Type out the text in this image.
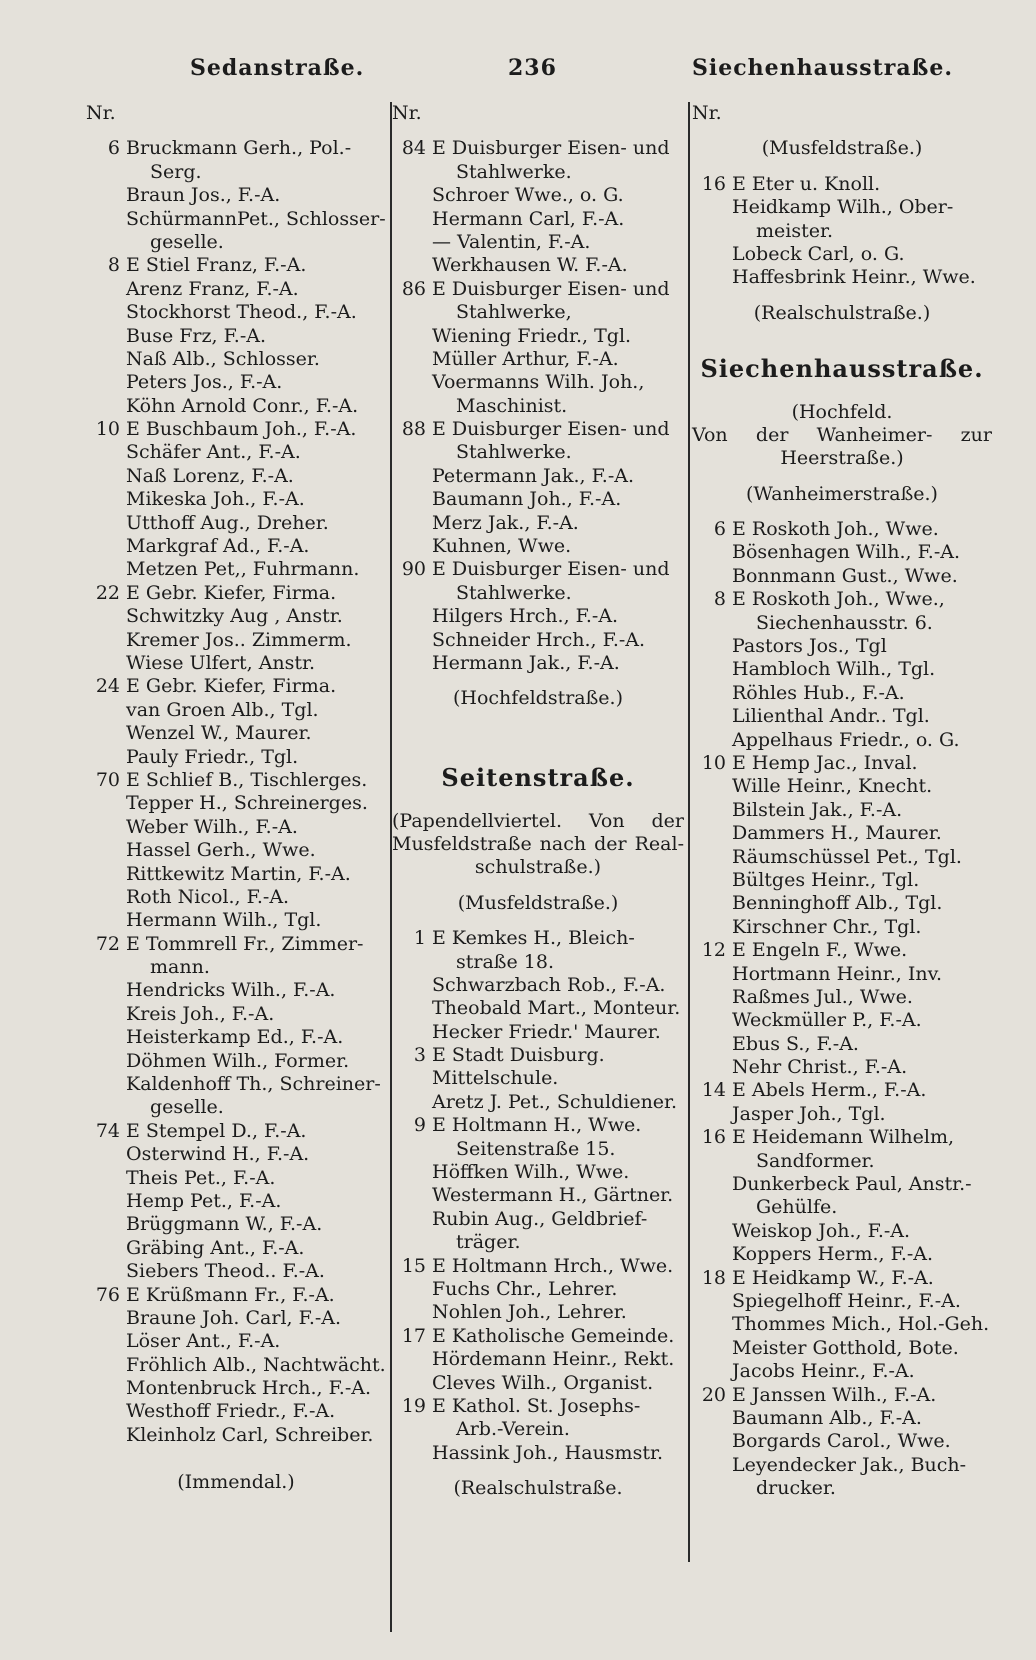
Sedanstraße.	236	Siechenhausstraße.
Nr.
6 Bruckmann Gerh., Pol.-
Serg.
Braun Jos., F.-A.
SchürmannPet., Schlosser-
geselle.
8 E Stiel Franz, F.-A.
Arenz Franz, F.-A.
Stockhorst Theod., F.-A.
Buse Frz, F.-A.
Naß Alb., Schlosser.
Peters Jos., F.-A.
Köhn Arnold Conr., F.-A.
10 E Buschbaum Joh., F.-A.
Schäfer Ant., F.-A.
Naß Lorenz, F.-A.
Mikeska Joh., F.-A.
Utthoff Aug., Dreher.
Markgraf Ad., F.-A.
Metzen Pet,, Fuhrmann.
22 E Gebr. Kiefer, Firma.
Schwitzky Aug , Anstr.
Kremer Jos.. Zimmerm.
Wiese Ulfert, Anstr.
24 E Gebr. Kiefer, Firma.
van Groen Alb., Tgl.
Wenzel W., Maurer.
Pauly Friedr., Tgl.
70 E Schlief B., Tischlerges.
Tepper H., Schreinerges.
Weber Wilh., F.-A.
Hassel Gerh., Wwe.
Rittkewitz Martin, F.-A.
Roth Nicol., F.-A.
Hermann Wilh., Tgl.
72 E Tommrell Fr., Zimmer-
mann.
Hendricks Wilh., F.-A.
Kreis Joh., F.-A.
Heisterkamp Ed., F.-A.
Döhmen Wilh., Former.
Kaldenhoff Th., Schreiner-
geselle.
74 E Stempel D., F.-A.
Osterwind H., F.-A.
Theis Pet., F.-A.
Hemp Pet., F.-A.
Brüggmann W., F.-A.
Gräbing Ant., F.-A.
Siebers Theod.. F.-A.
76 E Krüßmann Fr., F.-A.
Braune Joh. Carl, F.-A.
Löser Ant., F.-A.
Fröhlich Alb., Nachtwächt.
Montenbruck Hrch., F.-A.
Westhoff Friedr., F.-A.
Kleinholz Carl, Schreiber.
(Immendal.)
Nr.
84 E Duisburger Eisen- und
Stahlwerke.
Schroer Wwe., o. G.
Hermann Carl, F.-A.
— Valentin, F.-A.
Werkhausen W. F.-A.
86 E Duisburger Eisen- und
Stahlwerke,
Wiening Friedr., Tgl.
Müller Arthur, F.-A.
Voermanns Wilh. Joh.,
Maschinist.
88 E Duisburger Eisen- und
Stahlwerke.
Petermann Jak., F.-A.
Baumann Joh., F.-A.
Merz Jak., F.-A.
Kuhnen, Wwe.
90 E Duisburger Eisen- und
Stahlwerke.
Hilgers Hrch., F.-A.
Schneider Hrch., F.-A.
Hermann Jak., F.-A.
(Hochfeldstraße.)
Seitenstraße.
(Papendellviertel. Von der
Musfeldstraße nach der Real-
schulstraße.)
(Musfeldstraße.)
1 E Kemkes H., Bleich-
straße 18.
Schwarzbach Rob., F.-A.
Theobald Mart., Monteur.
Hecker Friedr.' Maurer.
3 E Stadt Duisburg.
Mittelschule.
Aretz J. Pet., Schuldiener.
9 E Holtmann H., Wwe.
Seitenstraße 15.
Höffken Wilh., Wwe.
Westermann H., Gärtner.
Rubin Aug., Geldbrief-
träger.
15 E Holtmann Hrch., Wwe.
Fuchs Chr., Lehrer.
Nohlen Joh., Lehrer.
17 E Katholische Gemeinde.
Hördemann Heinr., Rekt.
Cleves Wilh., Organist.
19 E Kathol. St. Josephs-
Arb.-Verein.
Hassink Joh., Hausmstr.
(Realschulstraße.
Nr.
(Musfeldstraße.)
16 E Eter u. Knoll.
Heidkamp Wilh., Ober-
meister.
Lobeck Carl, o. G.
Haffesbrink Heinr., Wwe.
(Realschulstraße.)
Siechenhausstraße.
(Hochfeld.
Von der Wanheimer- zur
Heerstraße.)
(Wanheimerstraße.)
6 E Roskoth Joh., Wwe.
Bösenhagen Wilh., F.-A.
Bonnmann Gust., Wwe.
8 E Roskoth Joh., Wwe.,
Siechenhausstr. 6.
Pastors Jos., Tgl
Hambloch Wilh., Tgl.
Röhles Hub., F.-A.
Lilienthal Andr.. Tgl.
Appelhaus Friedr., o. G.
10 E Hemp Jac., Inval.
Wille Heinr., Knecht.
Bilstein Jak., F.-A.
Dammers H., Maurer.
Räumschüssel Pet., Tgl.
Bültges Heinr., Tgl.
Benninghoff Alb., Tgl.
Kirschner Chr., Tgl.
12 E Engeln F., Wwe.
Hortmann Heinr., Inv.
Raßmes Jul., Wwe.
Weckmüller P., F.-A.
Ebus S., F.-A.
Nehr Christ., F.-A.
14 E Abels Herm., F.-A.
Jasper Joh., Tgl.
16 E Heidemann Wilhelm,
Sandformer.
Dunkerbeck Paul, Anstr.-
Gehülfe.
Weiskop Joh., F.-A.
Koppers Herm., F.-A.
18 E Heidkamp W., F.-A.
Spiegelhoff Heinr., F.-A.
Thommes Mich., Hol.-Geh.
Meister Gotthold, Bote.
Jacobs Heinr., F.-A.
20 E Janssen Wilh., F.-A.
Baumann Alb., F.-A.
Borgards Carol., Wwe.
Leyendecker Jak., Buch-
drucker.
